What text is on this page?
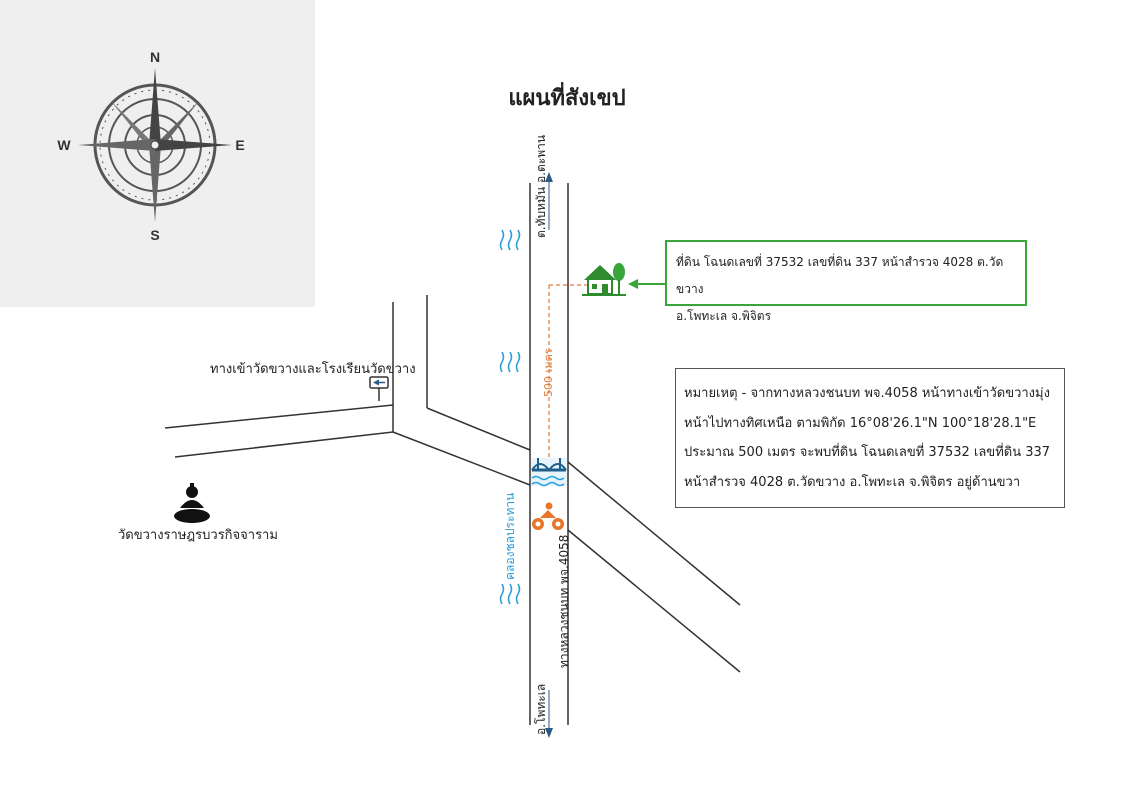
N
S
W	E	ต.ทับหมัน อ.ตะพาน
อ.โพทะเล
ทางหลวงชนบท พจ.4058
คลองชลประทาน
500 เมตร
แผนที่สังเขป
ทางเข้าวัดขวางและโรงเรียนวัดขวาง
วัดขวางราษฎรบวรกิจจาราม
ที่ดิน โฉนดเลขที่ 37532 เลขที่ดิน 337 หน้าสำรวจ 4028 ต.วัดขวาง
อ.โพทะเล จ.พิจิตร
หมายเหตุ - จากทางหลวงชนบท พจ.4058 หน้าทางเข้าวัดขวางมุ่ง
หน้าไปทางทิศเหนือ ตามพิกัด 16°08'26.1"N 100°18'28.1"E
ประมาณ 500 เมตร จะพบที่ดิน โฉนดเลขที่ 37532 เลขที่ดิน 337
หน้าสำรวจ 4028 ต.วัดขวาง อ.โพทะเล จ.พิจิตร อยู่ด้านขวา
